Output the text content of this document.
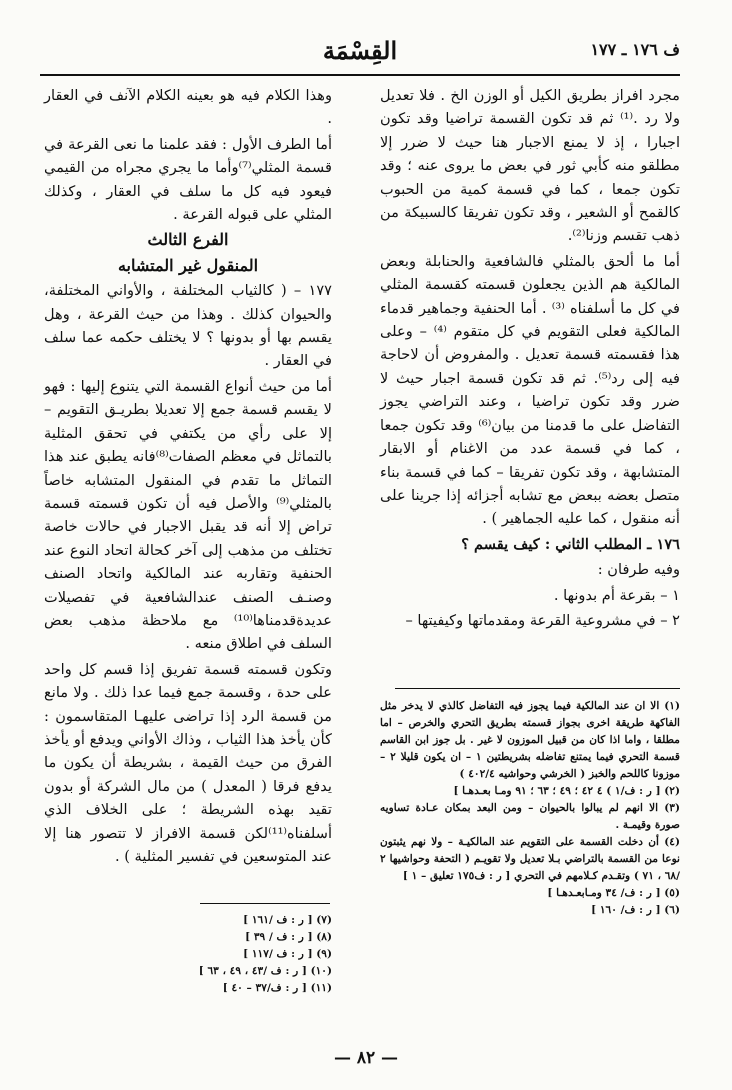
ف ١٧٦ ـ ١٧٧
القِسْمَة

مجرد افراز بطريق الكيل أو الوزن الخ . فلا تعديل ولا رد .⁽¹⁾ ثم قد تكون القسمة تراضيا وقد تكون اجبارا ، إذ لا يمنع الاجبار هنا حيث لا ضرر إلا مطلقو منه كأبي ثور في بعض ما يروى عنه ؛ وقد تكون جمعا ، كما في قسمة كمية من الحبوب كالقمح أو الشعير ، وقد تكون تفريقا كالسبيكة من ذهب تقسم وزنا⁽²⁾.

أما ما ألحق بالمثلي فالشافعية والحنابلة وبعض المالكية هم الذين يجعلون قسمته كقسمة المثلي في كل ما أسلفناه ⁽³⁾ . أما الحنفية وجماهير قدماء المالكية فعلى التقويم في كل متقوم ⁽⁴⁾ – وعلى هذا فقسمته قسمة تعديل . والمفروض أن لاحاجة فيه إلى رد⁽⁵⁾. ثم قد تكون قسمة اجبار حيث لا ضرر وقد تكون تراضيا ، وعند التراضي يجوز التفاضل على ما قدمنا من بيان⁽⁶⁾ وقد تكون جمعا ، كما في قسمة عدد من الاغنام أو الابقار المتشابهة ، وقد تكون تفريقا – كما في قسمة بناء متصل بعضه ببعض مع تشابه أجزائه إذا جرينا على أنه منقول ، كما عليه الجماهير ) .

١٧٦ ـ المطلب الثاني : كيف يقسم ؟

وفيه طرفان :

١ – بقرعة أم بدونها .

٢ – في مشروعية القرعة ومقدماتها وكيفيتها –

(١) الا ان عند المالكية فيما يجوز فيه التفاضل كالذي لا يدخر مثل الفاكهة طريقة اخرى بجواز قسمته بطريق التحري والخرص – اما مطلقا ، واما اذا كان من قبيل الموزون لا غير . بل جوز ابن القاسم قسمة التحري فيما يمتنع تفاضله بشريطتين ١ – ان يكون قليلا ٢ – موزونا كاللحم والخبز ( الخرشي وحواشيه ٤٠٢/٤ )
(٢) [ ر : ف/١ ) ٤ ٤٢ ؛ ٤٩ ؛ ٦٣ ؛ ٩١ ومـا بعـدهـا ]
(٣) الا انهم لم يبالوا بالحيوان – ومن البعد بمكان عـادة تساويه صورة وقيمـة .
(٤) أن دخلت القسمة على التقويم عند المالكيـة – ولا نهم يثبتون نوعا من القسمة بالتراضي بـلا تعديل ولا تقويـم ( التحفة وحواشيها ٢ /٦٨ ، ٧١ ) وتقـدم كـلامهم في التحري [ ر : ف١٧٥ تعليق – ١ ]
(٥) [ ر : ف/ ٣٤ ومـابعـدهـا ]
(٦) [ ر : ف/ ١٦٠ ]

وهذا الكلام فيه هو بعينه الكلام الآنف في العقار .

أما الطرف الأول : فقد علمنا ما نعى القرعة في قسمة المثلي⁽⁷⁾وأما ما يجري مجراه من القيمي فيعود فيه كل ما سلف في العقار ، وكذلك المثلي على قبوله القرعة .

الفرع الثالث
المنقول غير المتشابه

١٧٧ – ( كالثياب المختلفة ، والأواني المختلفة، والحيوان كذلك . وهذا من حيث القرعة ، وهل يقسم بها أو بدونها ؟ لا يختلف حكمه عما سلف في العقار .

أما من حيث أنواع القسمة التي يتنوع إليها : فهو لا يقسم قسمة جمع إلا تعديلا بطريـق التقويم – إلا على رأي من يكتفي في تحقق المثلية بالتماثل في معظم الصفات⁽⁸⁾فانه يطبق عند هذا التماثل ما تقدم في المنقول المتشابه خاصاً بالمثلي⁽⁹⁾ والأصل فيه أن تكون قسمته قسمة تراض إلا أنه قد يقبل الاجبار في حالات خاصة تختلف من مذهب إلى آخر كحالة اتحاد النوع عند الحنفية وتقاربه عند المالكية واتحاد الصنف وصنـف الصنف عندالشافعية في تفصيلات عديدةقدمناها⁽¹⁰⁾ مع ملاحظة مذهب بعض السلف في اطلاق منعه .

وتكون قسمته قسمة تفريق إذا قسم كل واحد على حدة ، وقسمة جمع فيما عدا ذلك . ولا مانع من قسمة الرد إذا تراضى عليهـا المتقاسمون : كأن يأخذ هذا الثياب ، وذاك الأواني ويدفع أو يأخذ الفرق من حيث القيمة ، بشريطة أن يكون ما يدفع فرقا ( المعدل ) من مال الشركة أو بدون تقيد بهذه الشريطة ؛ على الخلاف الذي أسلفناه⁽¹¹⁾لكن قسمة الافراز لا تتصور هنا إلا عند المتوسعين في تفسير المثلية ) .

(٧) [ ر : ف /١٦١ ]
(٨) [ ر : ف / ٣٩ ]
(٩) [ ر : ف /١١٧ ]
(١٠) [ ر : ف /٤٣ ، ٤٩ ، ٦٣ ]
(١١) [ ر : ف/٣٧ – ٤٠ ]
— ٨٢ —
